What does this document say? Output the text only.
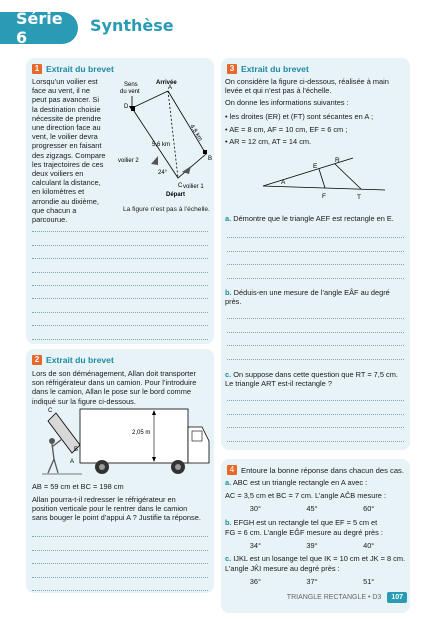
Série 6
Synthèse
1 Extrait du brevet
Lorsqu’un voilier est
face au vent, il ne
peut pas avancer. Si
la destination choisie
nécessite de prendre
une direction face au
vent, le voilier devra
progresser en faisant
des zigzags. Compare
les trajectoires de ces
deux voiliers en
calculant la distance,
en kilomètres et
arrondie au dixième,
que chacun a
parcourue.
Sens
du vent
Arrivée
A
D
B
C
4,8 km
5,6 km
24°
voilier 2
voilier 1
Départ
La figure n’est pas à l’échelle.
2 Extrait du brevet
Lors de son déménagement, Allan doit transporter
son réfrigérateur dans un camion. Pour l’introduire
dans le camion, Allan le pose sur le bord comme
indiqué sur la figure ci-dessous.
2,05 m
C
B
A
AB = 59 cm et BC = 198 cm
Allan pourra-t-il redresser le réfrigérateur en
position verticale pour le rentrer dans le camion
sans bouger le point d’appui A ? Justifie ta réponse.
3 Extrait du brevet
On considère la figure ci-dessous, réalisée à main
levée et qui n’est pas à l’échelle.
On donne les informations suivantes :
• les droites (ER) et (FT) sont sécantes en A ;
• AE = 8 cm, AF = 10 cm, EF = 6 cm ;
• AR = 12 cm, AT = 14 cm.
R
E
A
F	T
a. Démontre que le triangle AEF est rectangle en E.
b. Déduis-en une mesure de l’angle EÂF au degré
près.
c. On suppose dans cette question que RT = 7,5 cm.
Le triangle ART est-il rectangle ?
4 Entoure la bonne réponse dans chacun des cas.
a. ABC est un triangle rectangle en A avec :
AC = 3,5 cm et BC = 7 cm. L’angle AĈB mesure :
30°	45°	60°
b. EFGH est un rectangle tel que EF = 5 cm et
FG = 6 cm. L’angle EĜF mesure au degré près :
34°	39°	40°
c. IJKL est un losange tel que IK = 10 cm et JK = 8 cm.
L’angle JK̂I mesure au degré près :
36°	37°	51°
TRIANGLE RECTANGLE • D3	107
